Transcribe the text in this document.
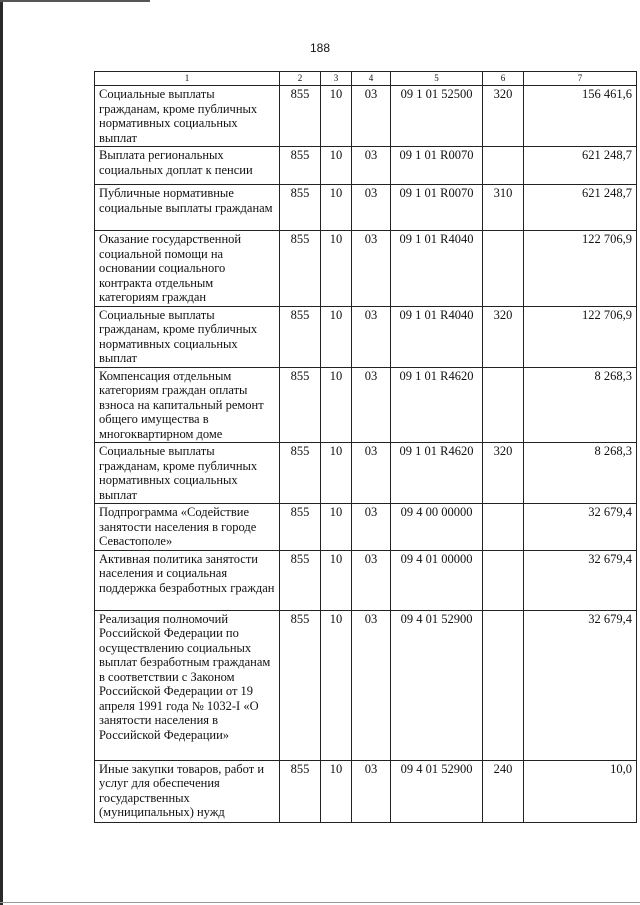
188
1	2	3	4	5	6	7
Социальные выплаты гражданам, кроме публичных нормативных социальных выплат	855	10	03	09 1 01 52500	320	156 461,6
Выплата региональных социальных доплат к пенсии	855	10	03	09 1 01 R0070		621 248,7
Публичные нормативные социальные выплаты гражданам	855	10	03	09 1 01 R0070	310	621 248,7
Оказание государственной социальной помощи на основании социального контракта отдельным категориям граждан	855	10	03	09 1 01 R4040		122 706,9
Социальные выплаты гражданам, кроме публичных нормативных социальных выплат	855	10	03	09 1 01 R4040	320	122 706,9
Компенсация отдельным категориям граждан оплаты взноса на капитальный ремонт общего имущества в многоквартирном доме	855	10	03	09 1 01 R4620		8 268,3
Социальные выплаты гражданам, кроме публичных нормативных социальных выплат	855	10	03	09 1 01 R4620	320	8 268,3
Подпрограмма «Содействие занятости населения в городе Севастополе»	855	10	03	09 4 00 00000		32 679,4
Активная политика занятости населения и социальная поддержка безработных граждан	855	10	03	09 4 01 00000		32 679,4
Реализация полномочий Российской Федерации по осуществлению социальных выплат безработным гражданам в соответствии с Законом Российской Федерации от 19 апреля 1991 года № 1032-I «О занятости населения в Российской Федерации»	855	10	03	09 4 01 52900		32 679,4
Иные закупки товаров, работ и услуг для обеспечения государственных (муниципальных) нужд	855	10	03	09 4 01 52900	240	10,0
